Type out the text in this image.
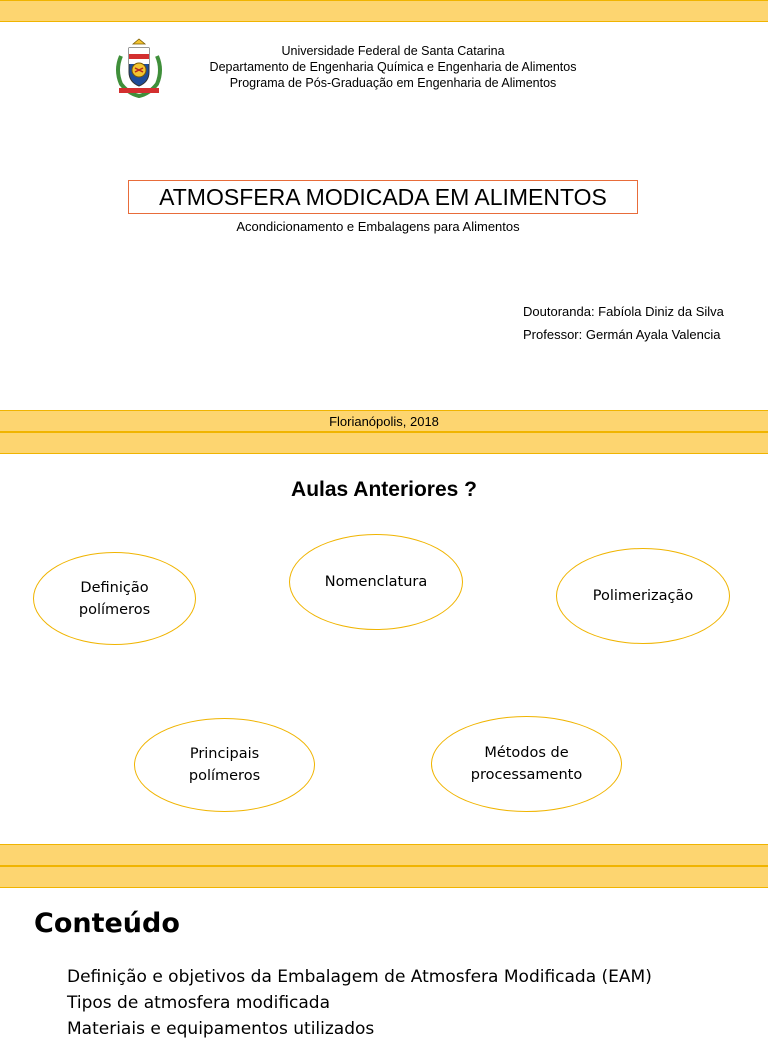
Universidade Federal de Santa Catarina
Departamento de Engenharia Química e Engenharia de Alimentos
Programa de Pós-Graduação em Engenharia de Alimentos
ATMOSFERA MODICADA EM ALIMENTOS
Acondicionamento e Embalagens para Alimentos
Doutoranda: Fabíola Diniz da Silva
Professor: Germán Ayala Valencia
Florianópolis, 2018
Aulas Anteriores ?
Definição polímeros
Nomenclatura
Polimerização
Principais polímeros
Métodos de processamento
Conteúdo
Definição e objetivos da Embalagem de Atmosfera Modificada (EAM)
Tipos de atmosfera modificada
Materiais e equipamentos utilizados
